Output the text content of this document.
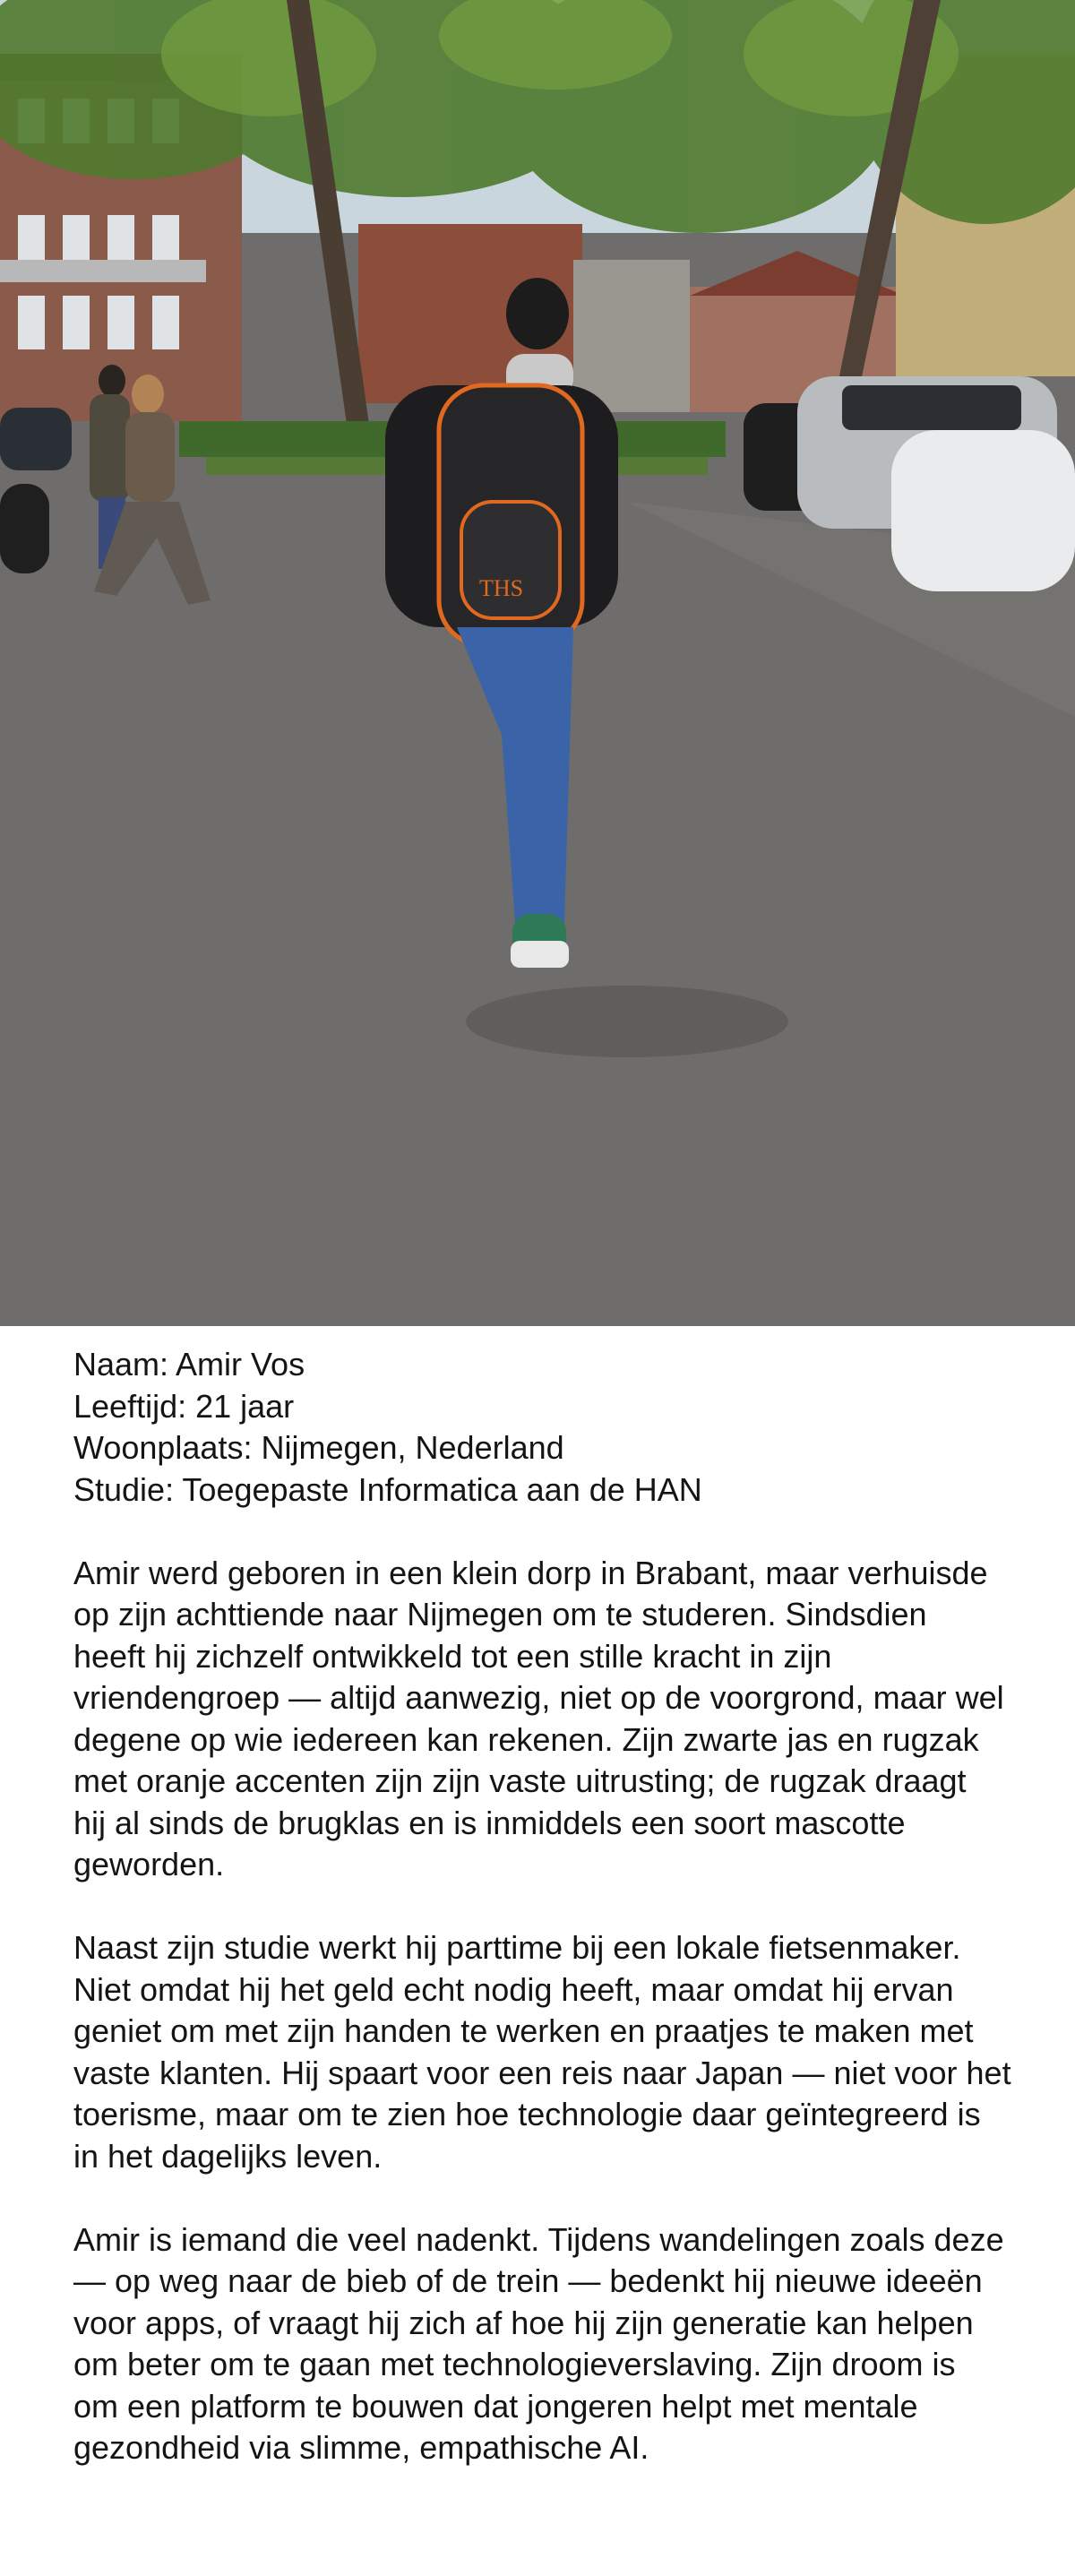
THS
Naam: Amir Vos
Leeftijd: 21 jaar
Woonplaats: Nijmegen, Nederland
Studie: Toegepaste Informatica aan de HAN
Amir werd geboren in een klein dorp in Brabant, maar verhuisde
op zijn achttiende naar Nijmegen om te studeren. Sindsdien
heeft hij zichzelf ontwikkeld tot een stille kracht in zijn
vriendengroep — altijd aanwezig, niet op de voorgrond, maar wel
degene op wie iedereen kan rekenen. Zijn zwarte jas en rugzak
met oranje accenten zijn zijn vaste uitrusting; de rugzak draagt
hij al sinds de brugklas en is inmiddels een soort mascotte
geworden.
Naast zijn studie werkt hij parttime bij een lokale fietsenmaker.
Niet omdat hij het geld echt nodig heeft, maar omdat hij ervan
geniet om met zijn handen te werken en praatjes te maken met
vaste klanten. Hij spaart voor een reis naar Japan — niet voor het
toerisme, maar om te zien hoe technologie daar geïntegreerd is
in het dagelijks leven.
Amir is iemand die veel nadenkt. Tijdens wandelingen zoals deze
— op weg naar de bieb of de trein — bedenkt hij nieuwe ideeën
voor apps, of vraagt hij zich af hoe hij zijn generatie kan helpen
om beter om te gaan met technologieverslaving. Zijn droom is
om een platform te bouwen dat jongeren helpt met mentale
gezondheid via slimme, empathische AI.
